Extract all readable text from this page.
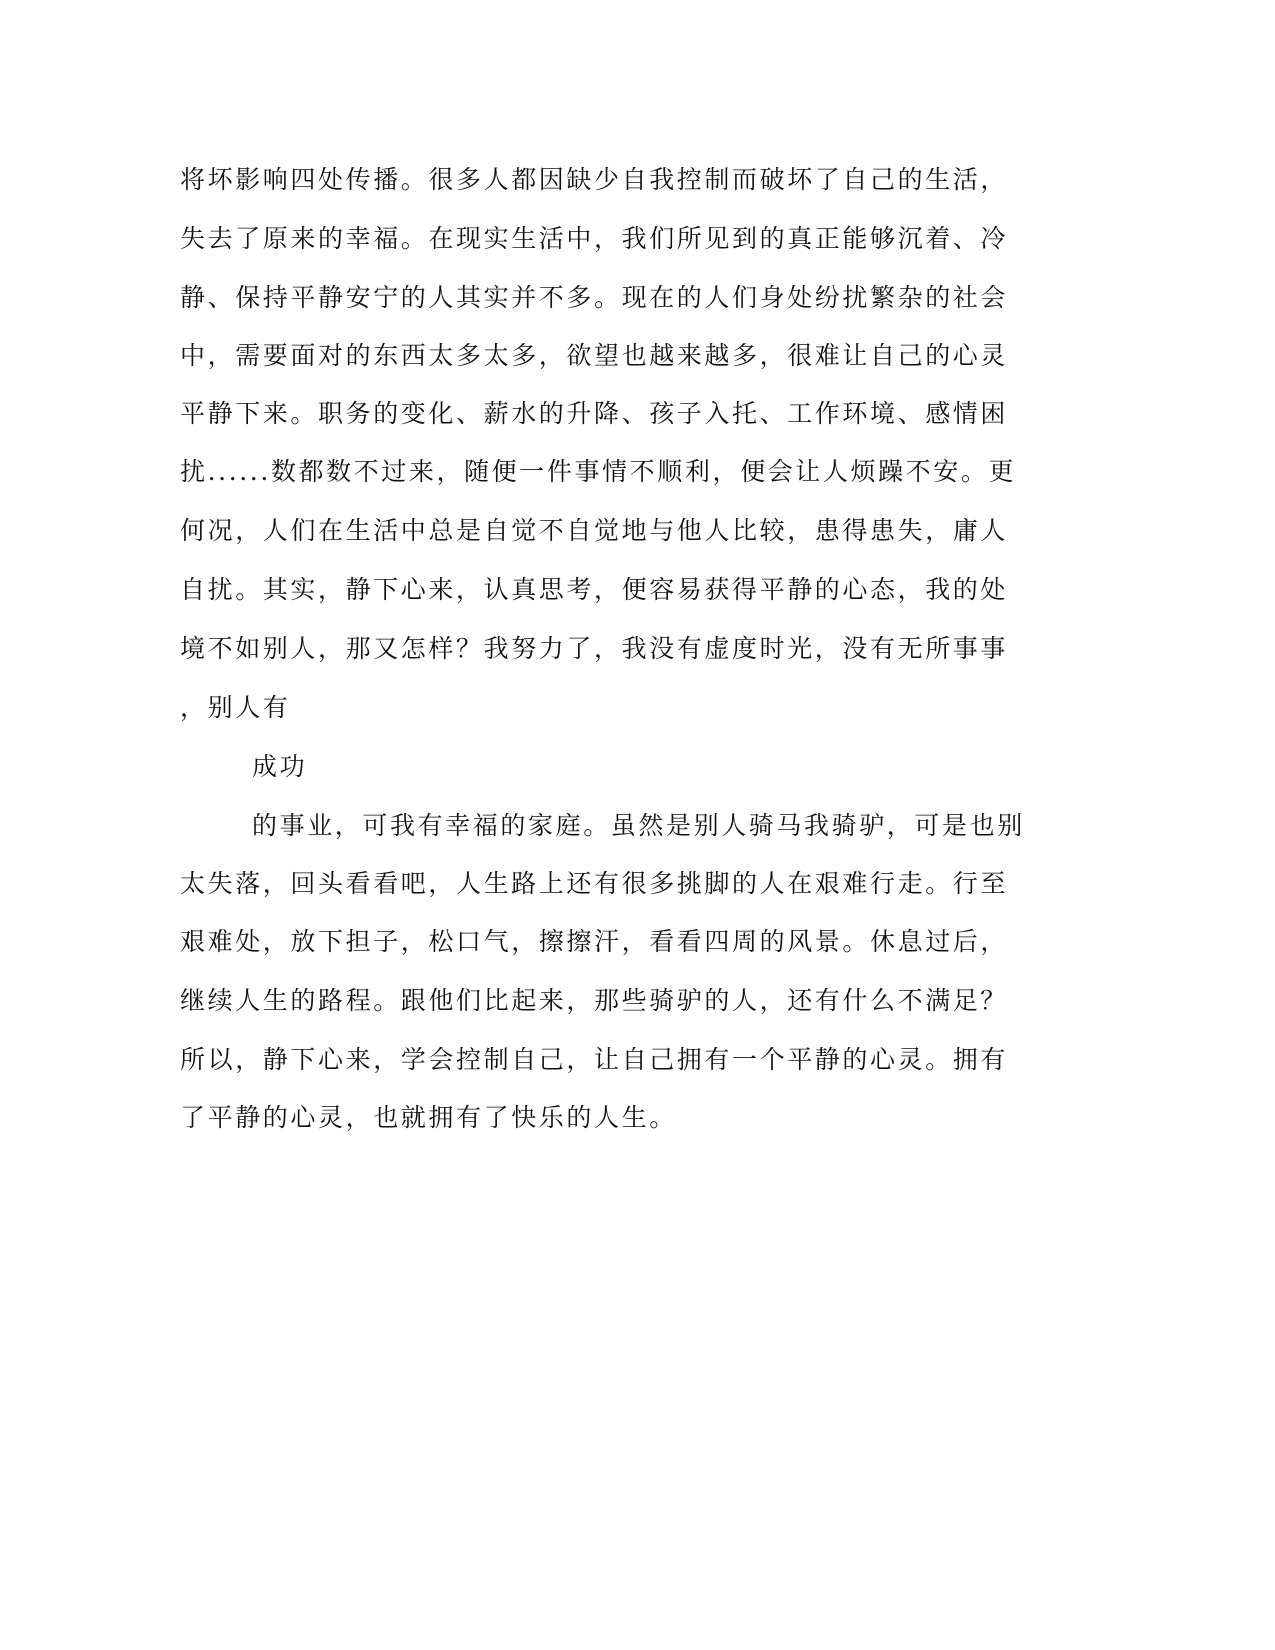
将坏影响四处传播。很多人都因缺少自我控制而破坏了自己的生活，
失去了原来的幸福。在现实生活中，我们所见到的真正能够沉着、冷
静、保持平静安宁的人其实并不多。现在的人们身处纷扰繁杂的社会
中，需要面对的东西太多太多，欲望也越来越多，很难让自己的心灵
平静下来。职务的变化、薪水的升降、孩子入托、工作环境、感情困
扰......数都数不过来，随便一件事情不顺利，便会让人烦躁不安。更
何况，人们在生活中总是自觉不自觉地与他人比较，患得患失，庸人
自扰。其实，静下心来，认真思考，便容易获得平静的心态，我的处
境不如别人，那又怎样？我努力了，我没有虚度时光，没有无所事事
，别人有
成功
的事业，可我有幸福的家庭。虽然是别人骑马我骑驴，可是也别
太失落，回头看看吧，人生路上还有很多挑脚的人在艰难行走。行至
艰难处，放下担子，松口气，擦擦汗，看看四周的风景。休息过后，
继续人生的路程。跟他们比起来，那些骑驴的人，还有什么不满足？
所以，静下心来，学会控制自己，让自己拥有一个平静的心灵。拥有
了平静的心灵，也就拥有了快乐的人生。
